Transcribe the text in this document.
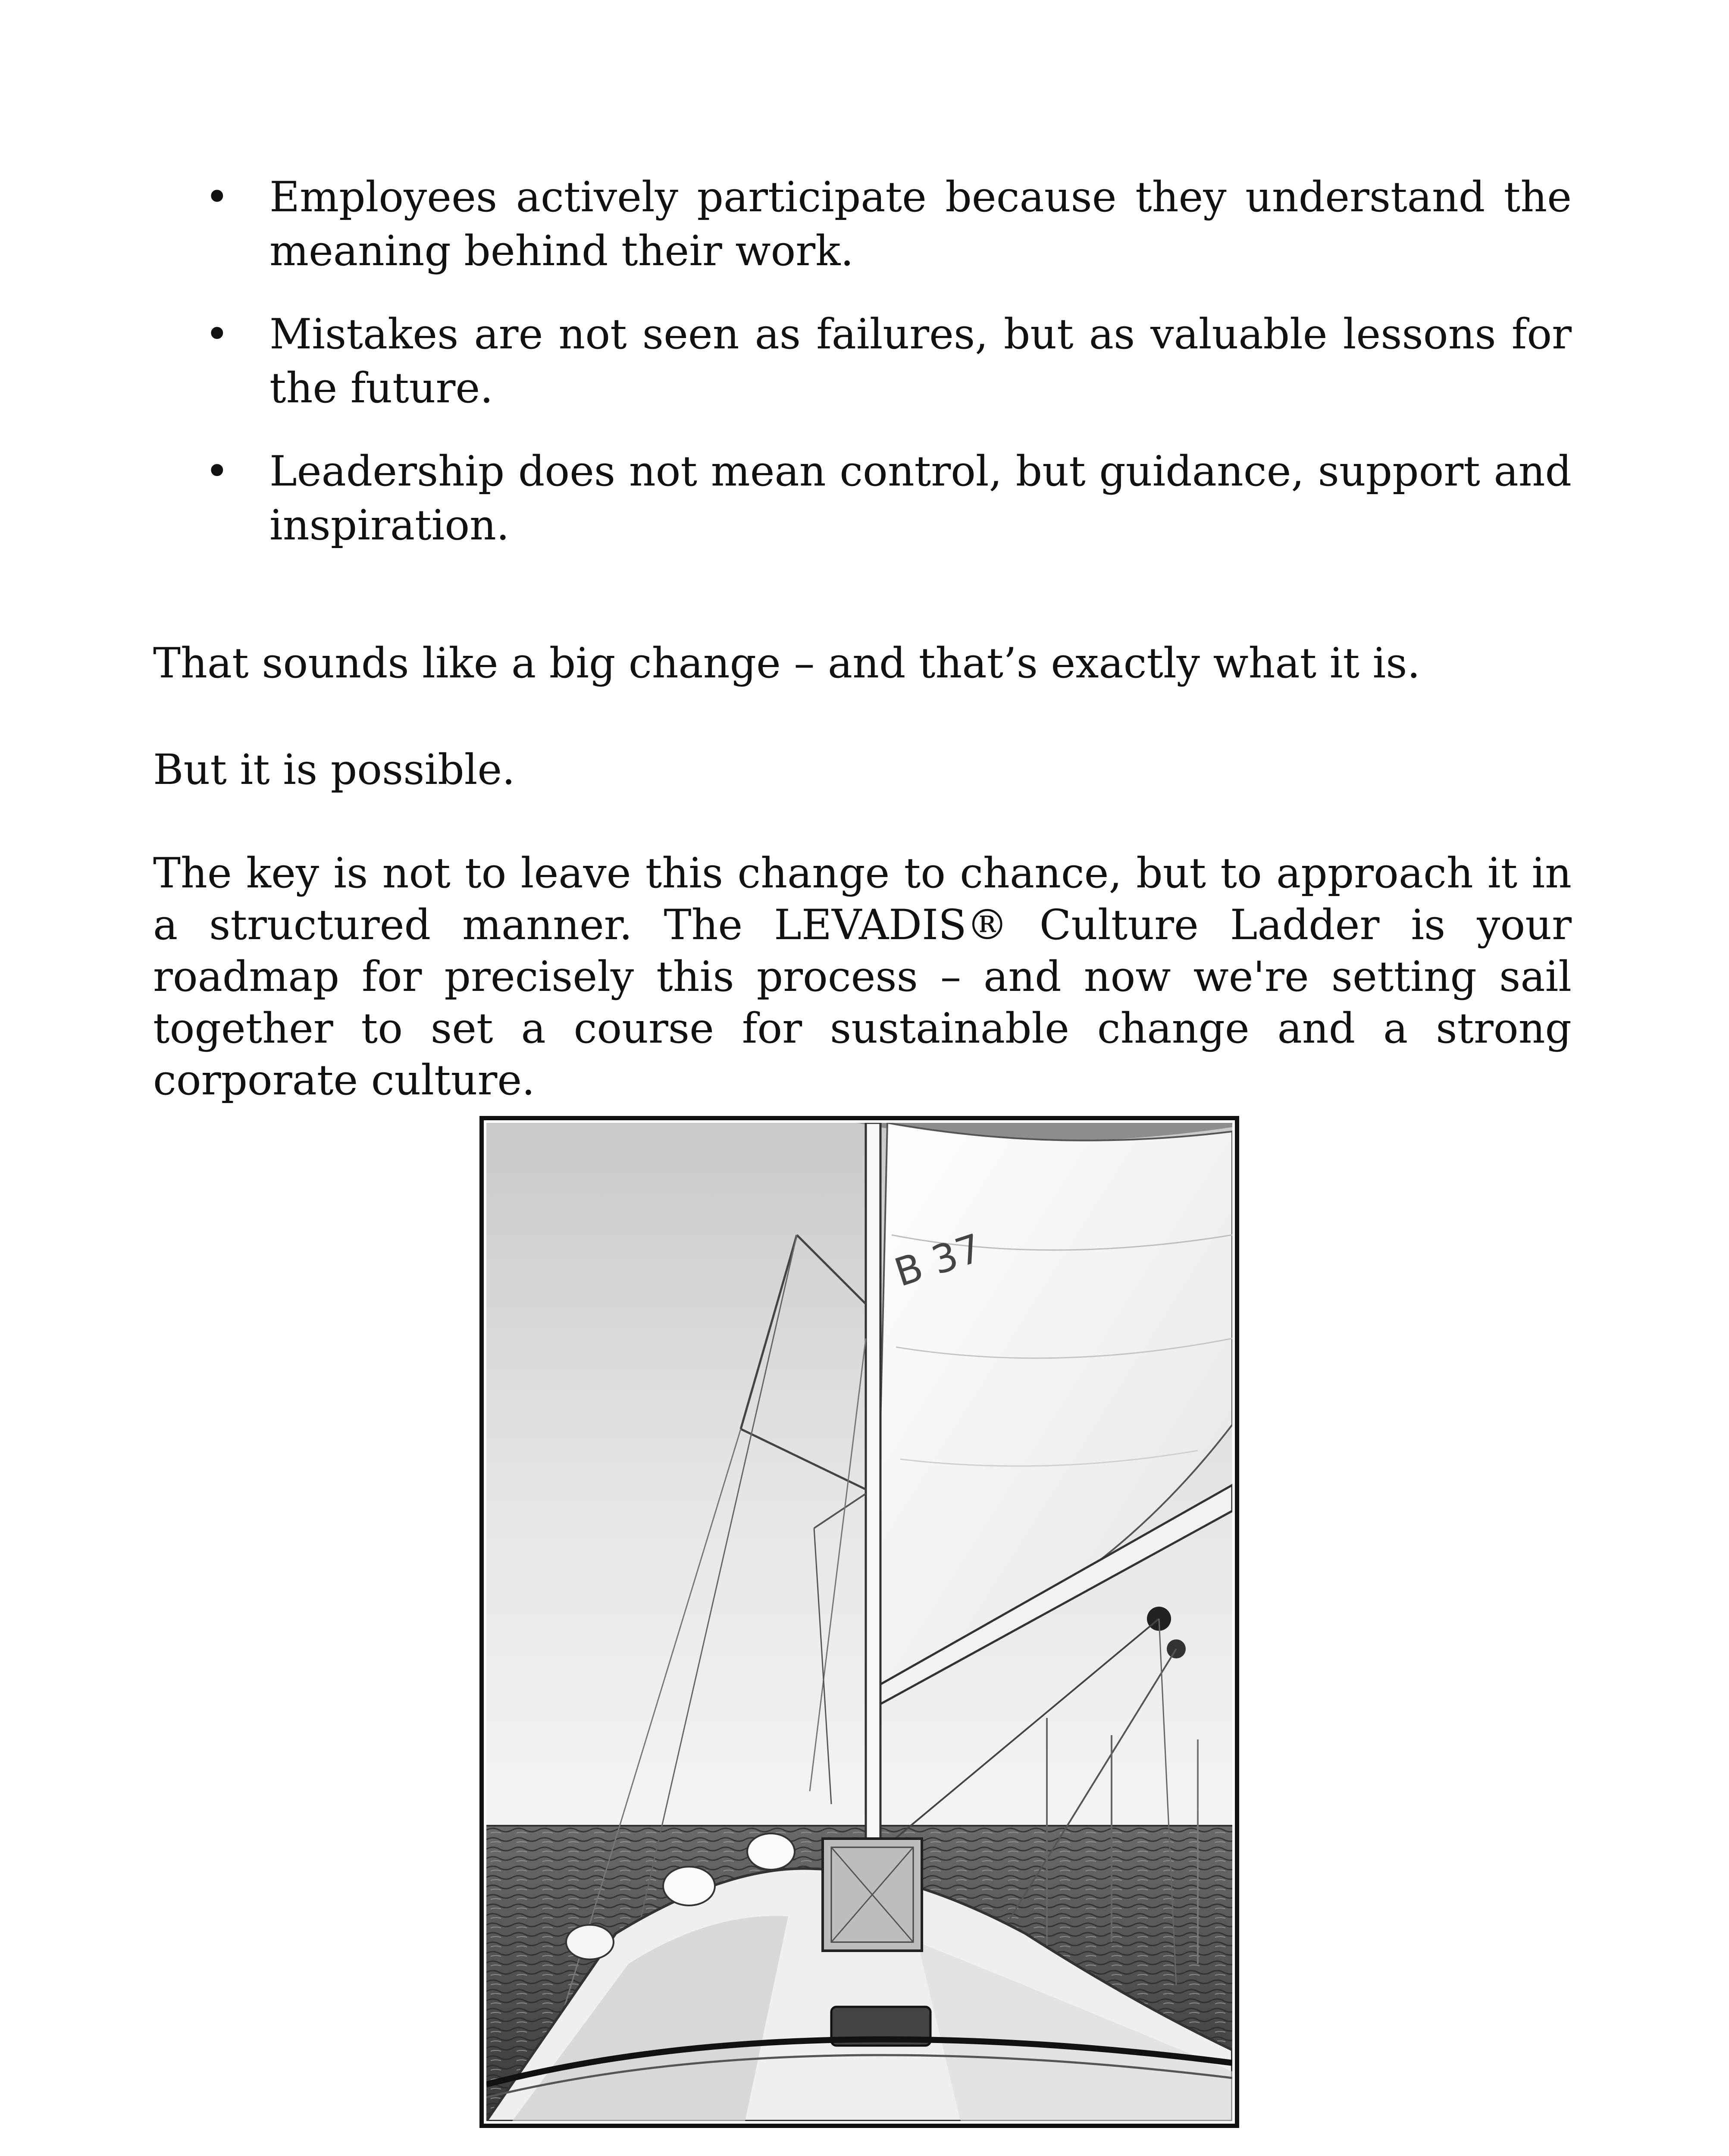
• Employees actively participate because they understand the meaning behind their work.
• Mistakes are not seen as failures, but as valuable lessons for the future.
• Leadership does not mean control, but guidance, support and inspiration.

That sounds like a big change – and that’s exactly what it is.

But it is possible.

The key is not to leave this change to chance, but to approach it in a structured manner. The LEVADIS® Culture Ladder is your roadmap for precisely this process – and now we're setting sail together to set a course for sustainable change and a strong corporate culture.

B 37
